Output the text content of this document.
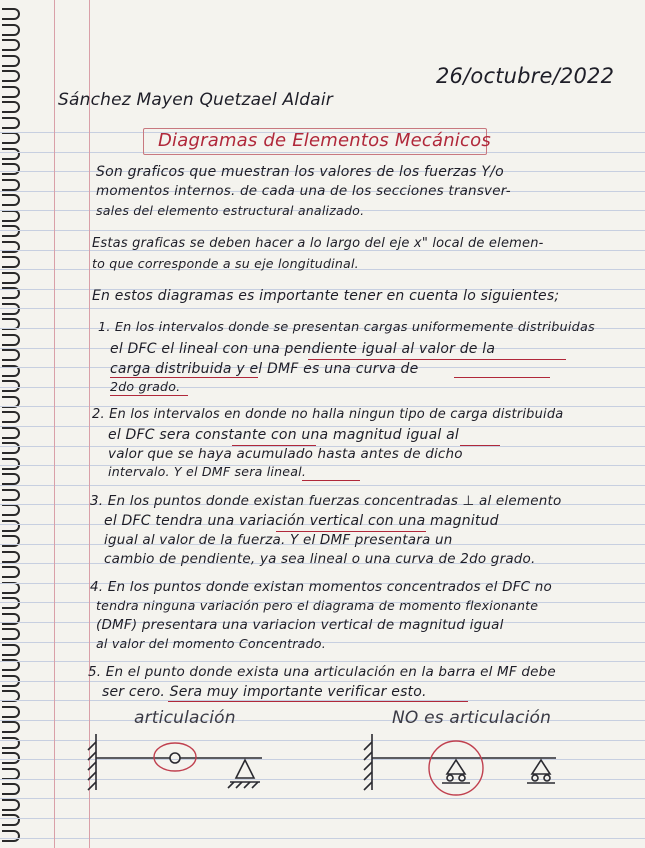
26/octubre/2022
Sánchez Mayen Quetzael Aldair
Diagramas de Elementos Mecánicos
Son graficos que muestran los valores de los fuerzas Y/o
momentos internos. de cada una de los secciones transver-
sales del elemento estructural analizado.
Estas graficas se deben hacer a lo largo del eje x" local de elemen-
to que corresponde a su eje longitudinal.
En estos diagramas es importante tener en cuenta lo siguientes;
1. En los intervalos donde se presentan cargas uniformemente distribuidas
el DFC el lineal con una pendiente igual al valor de la
carga distribuida y el DMF es una curva de
2do grado.
2. En los intervalos en donde no halla ningun tipo de carga distribuida
el DFC sera constante con una magnitud igual al
valor que se haya acumulado hasta antes de dicho
intervalo. Y el DMF sera lineal.
3. En los puntos donde existan fuerzas concentradas ⊥ al elemento
el DFC tendra una variación vertical con una magnitud
igual al valor de la fuerza. Y el DMF presentara un
cambio de pendiente, ya sea lineal o una curva de 2do grado.
4. En los puntos donde existan momentos concentrados el DFC no
tendra ninguna variación pero el diagrama de momento flexionante
(DMF) presentara una variacion vertical de magnitud igual
al valor del momento Concentrado.
5. En el punto donde exista una articulación en la barra el MF debe
ser cero. Sera muy importante verificar esto.
articulación	NO es articulación
